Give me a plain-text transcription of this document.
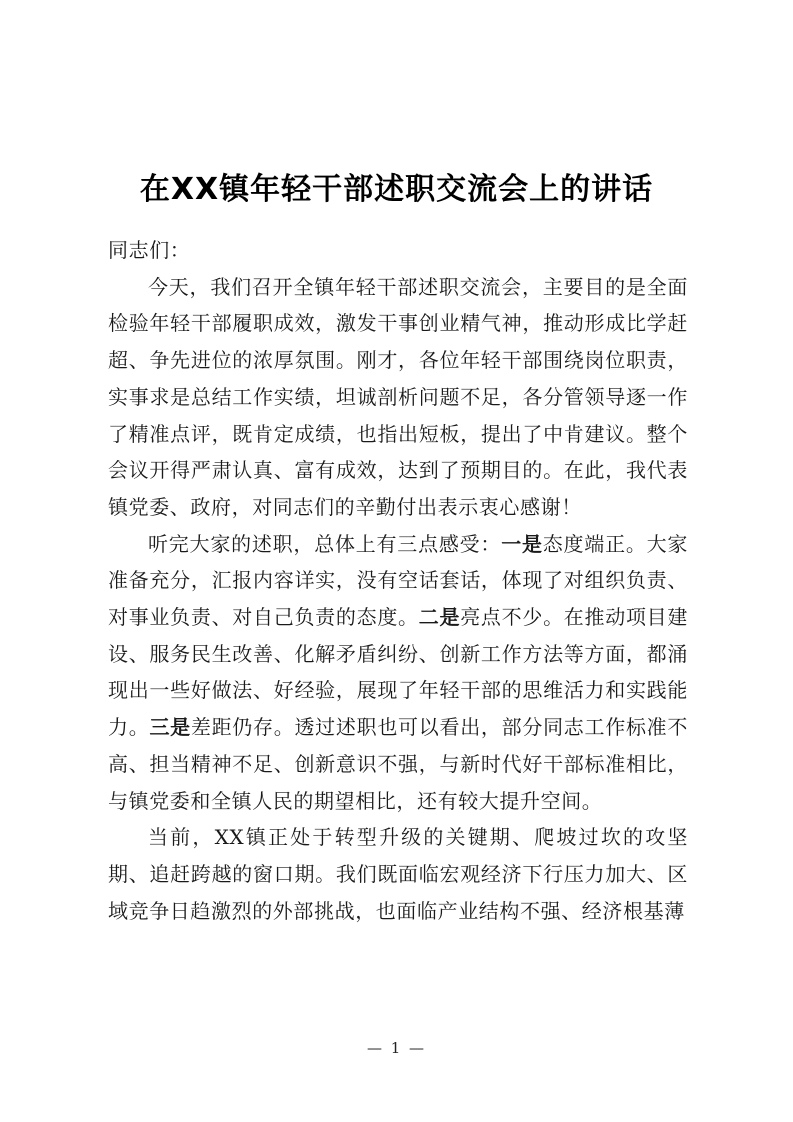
在XX镇年轻干部述职交流会上的讲话

同志们：

今天，我们召开全镇年轻干部述职交流会，主要目的是全面检验年轻干部履职成效，激发干事创业精气神，推动形成比学赶超、争先进位的浓厚氛围。刚才，各位年轻干部围绕岗位职责，实事求是总结工作实绩，坦诚剖析问题不足，各分管领导逐一作了精准点评，既肯定成绩，也指出短板，提出了中肯建议。整个会议开得严肃认真、富有成效，达到了预期目的。在此，我代表镇党委、政府，对同志们的辛勤付出表示衷心感谢！

听完大家的述职，总体上有三点感受：一是态度端正。大家准备充分，汇报内容详实，没有空话套话，体现了对组织负责、对事业负责、对自己负责的态度。二是亮点不少。在推动项目建设、服务民生改善、化解矛盾纠纷、创新工作方法等方面，都涌现出一些好做法、好经验，展现了年轻干部的思维活力和实践能力。三是差距仍存。透过述职也可以看出，部分同志工作标准不高、担当精神不足、创新意识不强，与新时代好干部标准相比，与镇党委和全镇人民的期望相比，还有较大提升空间。

当前，XX镇正处于转型升级的关键期、爬坡过坎的攻坚期、追赶跨越的窗口期。我们既面临宏观经济下行压力加大、区域竞争日趋激烈的外部挑战，也面临产业结构不强、经济根基薄

— 1 —
